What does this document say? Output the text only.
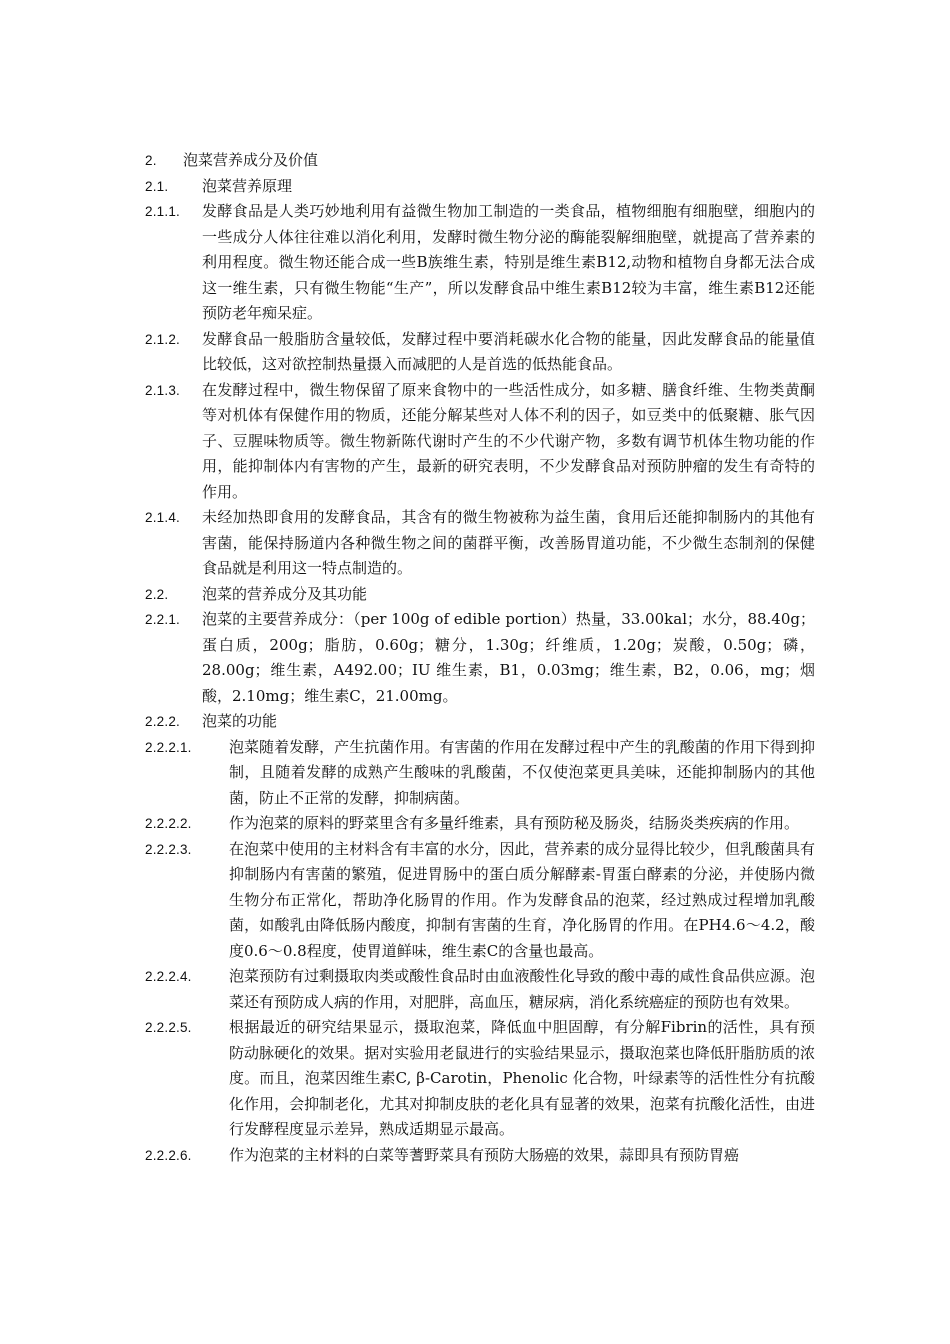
2. 泡菜营养成分及价值
2.1. 泡菜营养原理
2.1.1. 发酵食品是人类巧妙地利用有益微生物加工制造的一类食品，植物细胞有细胞壁，细胞内的一些成分人体往往难以消化利用，发酵时微生物分泌的酶能裂解细胞壁，就提高了营养素的利用程度。微生物还能合成一些B族维生素，特别是维生素B12,动物和植物自身都无法合成这一维生素，只有微生物能“生产”，所以发酵食品中维生素B12较为丰富，维生素B12还能预防老年痴呆症。
2.1.2. 发酵食品一般脂肪含量较低，发酵过程中要消耗碳水化合物的能量，因此发酵食品的能量值比较低，这对欲控制热量摄入而减肥的人是首选的低热能食品。
2.1.3. 在发酵过程中，微生物保留了原来食物中的一些活性成分，如多糖、膳食纤维、生物类黄酮等对机体有保健作用的物质，还能分解某些对人体不利的因子，如豆类中的低聚糖、胀气因子、豆腥味物质等。微生物新陈代谢时产生的不少代谢产物，多数有调节机体生物功能的作用，能抑制体内有害物的产生，最新的研究表明，不少发酵食品对预防肿瘤的发生有奇特的作用。
2.1.4. 未经加热即食用的发酵食品，其含有的微生物被称为益生菌，食用后还能抑制肠内的其他有害菌，能保持肠道内各种微生物之间的菌群平衡，改善肠胃道功能，不少微生态制剂的保健食品就是利用这一特点制造的。
2.2. 泡菜的营养成分及其功能
2.2.1. 泡菜的主要营养成分：（per 100g of edible portion）热量，33.00kal；水分，88.40g；蛋白质，200g；脂肪，0.60g；糖分，1.30g；纤维质，1.20g；炭酸，0.50g；磷，28.00g；维生素，A492.00；IU 维生素，B1，0.03mg；维生素，B2，0.06，mg；烟酸，2.10mg；维生素C，21.00mg。
2.2.2. 泡菜的功能
2.2.2.1. 泡菜随着发酵，产生抗菌作用。有害菌的作用在发酵过程中产生的乳酸菌的作用下得到抑制，且随着发酵的成熟产生酸味的乳酸菌，不仅使泡菜更具美味，还能抑制肠内的其他菌，防止不正常的发酵，抑制病菌。
2.2.2.2. 作为泡菜的原料的野菜里含有多量纤维素，具有预防秘及肠炎，结肠炎类疾病的作用。
2.2.2.3. 在泡菜中使用的主材料含有丰富的水分，因此，营养素的成分显得比较少，但乳酸菌具有抑制肠内有害菌的繁殖，促进胃肠中的蛋白质分解酵素-胃蛋白酵素的分泌，并使肠内微生物分布正常化，帮助净化肠胃的作用。作为发酵食品的泡菜，经过熟成过程增加乳酸菌，如酸乳由降低肠内酸度，抑制有害菌的生育，净化肠胃的作用。在PH4.6～4.2，酸度0.6～0.8程度，使胃道鲜味，维生素C的含量也最高。
2.2.2.4. 泡菜预防有过剩摄取肉类或酸性食品时由血液酸性化导致的酸中毒的咸性食品供应源。泡菜还有预防成人病的作用，对肥胖，高血压，糖尿病，消化系统癌症的预防也有效果。
2.2.2.5. 根据最近的研究结果显示，摄取泡菜，降低血中胆固醇，有分解Fibrin的活性，具有预防动脉硬化的效果。据对实验用老鼠进行的实验结果显示，摄取泡菜也降低肝脂肪质的浓度。而且，泡菜因维生素C, β-Carotin，Phenolic 化合物，叶绿素等的活性性分有抗酸化作用，会抑制老化，尤其对抑制皮肤的老化具有显著的效果，泡菜有抗酸化活性，由进行发酵程度显示差异，熟成适期显示最高。
2.2.2.6. 作为泡菜的主材料的白菜等蓍野菜具有预防大肠癌的效果，蒜即具有预防胃癌
